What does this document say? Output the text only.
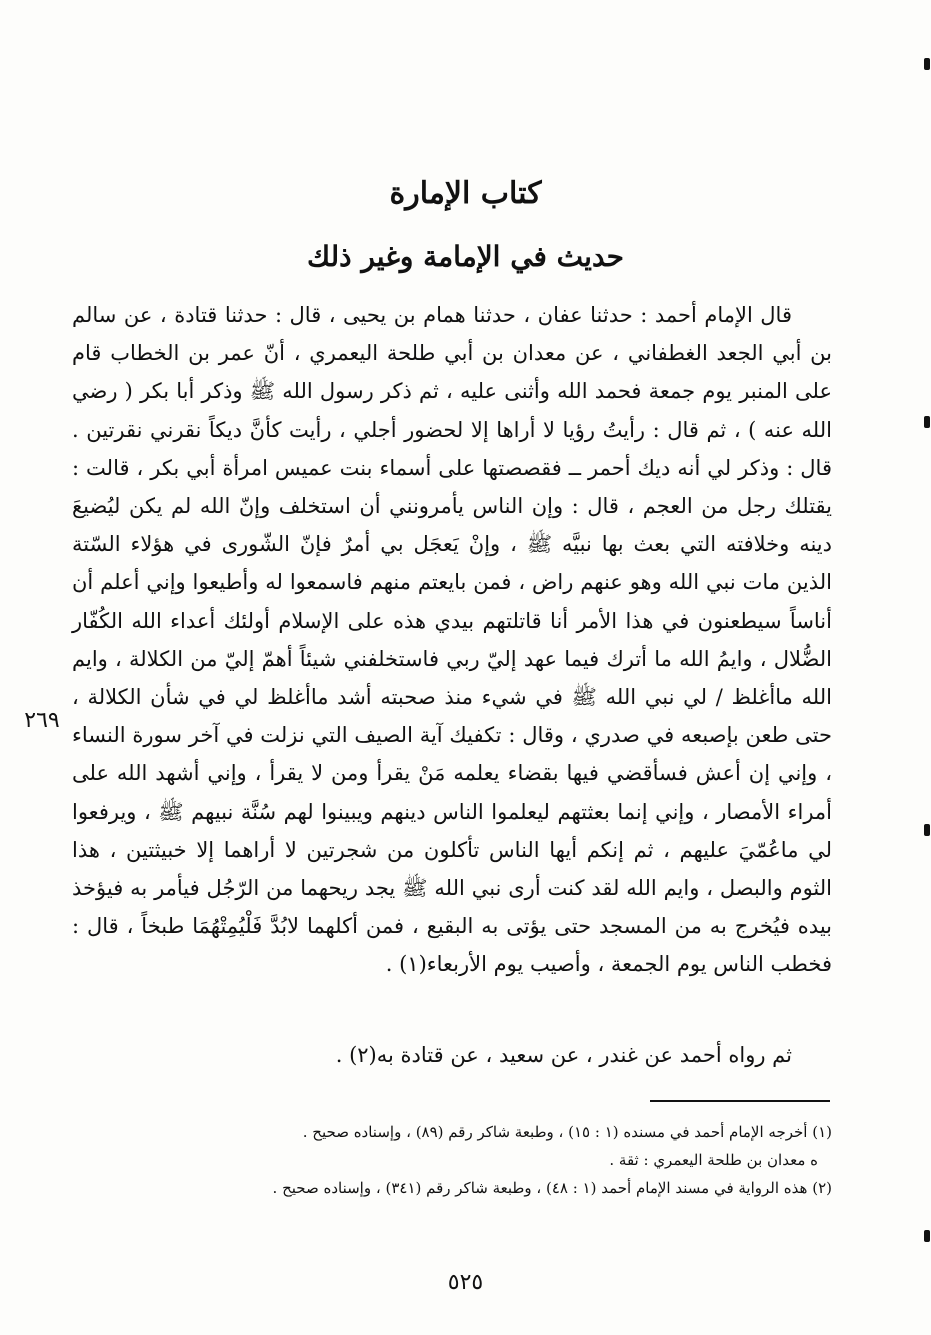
كتاب الإمارة
حديث في الإمامة وغير ذلك

قال الإمام أحمد : حدثنا عفان ، حدثنا همام بن يحيى ، قال : حدثنا قتادة ، عن سالم بن أبي الجعد الغطفاني ، عن معدان بن أبي طلحة اليعمري ، أنّ عمر بن الخطاب قام على المنبر يوم جمعة فحمد الله وأثنى عليه ، ثم ذكر رسول الله ﷺ وذكر أبا بكر ( رضي الله عنه ) ، ثم قال : رأيتُ رؤيا لا أراها إلا لحضور أجلي ، رأيت كأنَّ ديكاً نقرني نقرتين . قال : وذكر لي أنه ديك أحمر ــ فقصصتها على أسماء بنت عميس امرأة أبي بكر ، قالت : يقتلك رجل من العجم ، قال : وإن الناس يأمرونني أن استخلف وإنّ الله لم يكن ليُضيعَ دينه وخلافته التي بعث بها نبيَّه ﷺ ، وإنْ يَعجَل بي أمرٌ فإنّ الشّورى في هؤلاء السّتة الذين مات نبي الله وهو عنهم راض ، فمن بايعتم منهم فاسمعوا له وأطيعوا وإني أعلم أن أناساً سيطعنون في هذا الأمر أنا قاتلتهم بيدي هذه على الإسلام أولئك أعداء الله الكُفّار الضُّلال ، وايمُ الله ما أترك فيما عهد إليّ ربي فاستخلفني شيئاً أهمّ إليّ من الكلالة ، وايم الله ماأغلظ / لي نبي الله ﷺ في شيء منذ صحبته أشد ماأغلظ لي في شأن الكلالة ، حتى طعن بإصبعه في صدري ، وقال : تكفيك آية الصيف التي نزلت في آخر سورة النساء ، وإني إن أعش فسأقضي فيها بقضاء يعلمه مَنْ يقرأ ومن لا يقرأ ، وإني أشهد الله على أمراء الأمصار ، وإني إنما بعثتهم ليعلموا الناس دينهم ويبينوا لهم سُنَّة نبيهم ﷺ ، ويرفعوا لي ماعُمّيَ عليهم ، ثم إنكم أيها الناس تأكلون من شجرتين لا أراهما إلا خبيثتين ، هذا الثوم والبصل ، وايم الله لقد كنت أرى نبي الله ﷺ يجد ريحهما من الرّجُل فيأمر به فيؤخذ بيده فيُخرج به من المسجد حتى يؤتى به البقيع ، فمن أكلهما لابُدَّ فَلْيُمِتْهُمَا طبخاً ، قال : فخطب الناس يوم الجمعة ، وأصيب يوم الأربعاء(١) .

٢٦٩
ثم رواه أحمد عن غندر ، عن سعيد ، عن قتادة به(٢) .
(١) أخرجه الإمام أحمد في مسنده (١ : ١٥) ، وطبعة شاكر رقم (٨٩) ، وإسناده صحيح .
ه معدان بن طلحة اليعمري : ثقة .
(٢) هذه الرواية في مسند الإمام أحمد (١ : ٤٨) ، وطبعة شاكر رقم (٣٤١) ، وإسناده صحيح .
٥٢٥
